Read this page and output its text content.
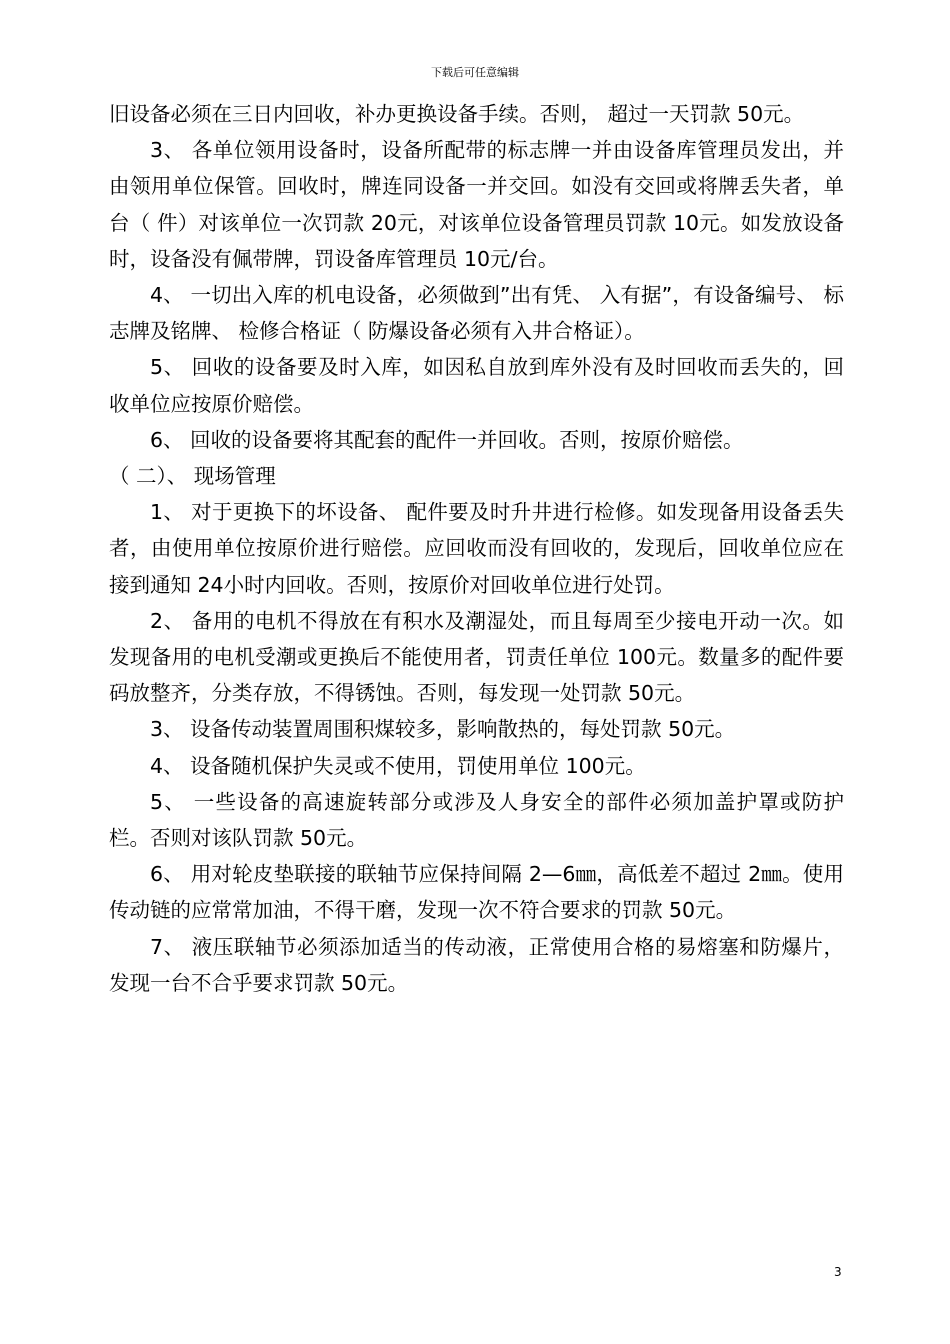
下载后可任意编辑

旧设备必须在三日内回收，补办更换设备手续。否则， 超过一天罚款 50元。

3、 各单位领用设备时，设备所配带的标志牌一并由设备库管理员发出，并由领用单位保管。回收时，牌连同设备一并交回。如没有交回或将牌丢失者，单台（ 件）对该单位一次罚款 20元，对该单位设备管理员罚款 10元。如发放设备时，设备没有佩带牌，罚设备库管理员 10元/台。

4、 一切出入库的机电设备，必须做到”出有凭、 入有据”，有设备编号、 标志牌及铭牌、 检修合格证（ 防爆设备必须有入井合格证）。

5、 回收的设备要及时入库，如因私自放到库外没有及时回收而丢失的，回收单位应按原价赔偿。

6、 回收的设备要将其配套的配件一并回收。否则，按原价赔偿。

（ 二）、 现场管理

1、 对于更换下的坏设备、 配件要及时升井进行检修。如发现备用设备丢失者，由使用单位按原价进行赔偿。应回收而没有回收的，发现后，回收单位应在接到通知 24小时内回收。否则，按原价对回收单位进行处罚。

2、 备用的电机不得放在有积水及潮湿处，而且每周至少接电开动一次。如发现备用的电机受潮或更换后不能使用者，罚责任单位 100元。数量多的配件要码放整齐，分类存放，不得锈蚀。否则，每发现一处罚款 50元。

3、 设备传动装置周围积煤较多，影响散热的，每处罚款 50元。

4、 设备随机保护失灵或不使用，罚使用单位 100元。

5、 一些设备的高速旋转部分或涉及人身安全的部件必须加盖护罩或防护栏。否则对该队罚款 50元。

6、 用对轮皮垫联接的联轴节应保持间隔 2—6㎜，高低差不超过 2㎜。使用传动链的应常常加油，不得干磨，发现一次不符合要求的罚款 50元。

7、 液压联轴节必须添加适当的传动液，正常使用合格的易熔塞和防爆片，发现一台不合乎要求罚款 50元。

3
